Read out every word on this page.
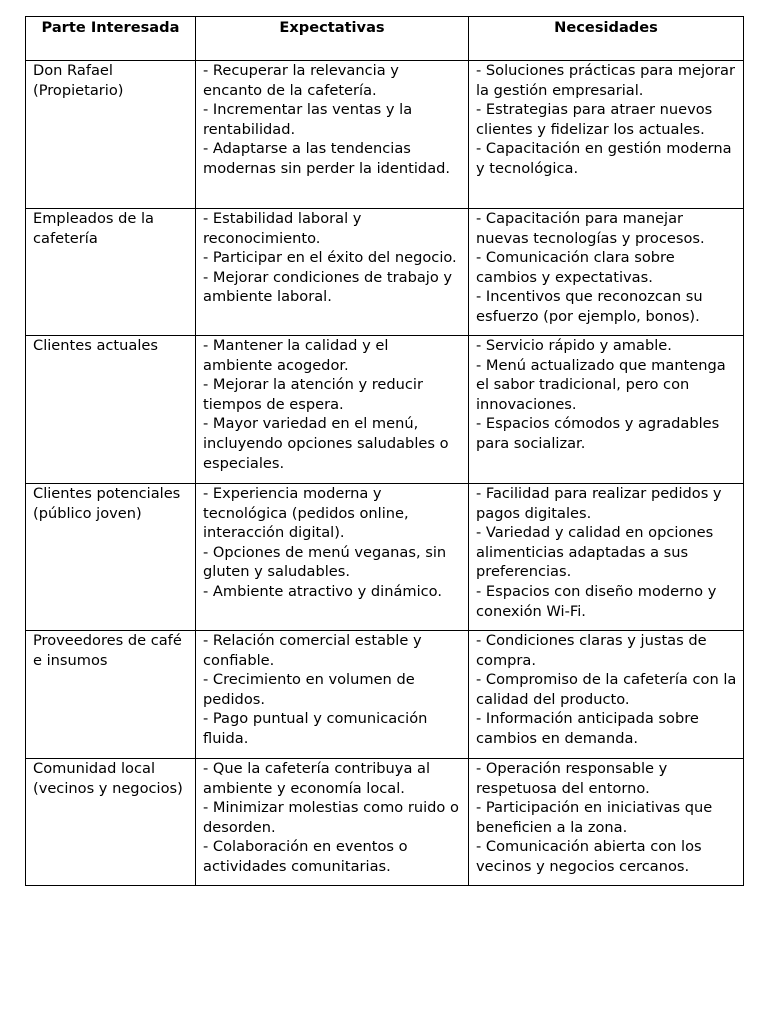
Parte Interesada	Expectativas	Necesidades
Don Rafael (Propietario)	- Recuperar la relevancia y encanto de la cafetería.
- Incrementar las ventas y la rentabilidad.
- Adaptarse a las tendencias modernas sin perder la identidad.	- Soluciones prácticas para mejorar la gestión empresarial.
- Estrategias para atraer nuevos clientes y fidelizar los actuales.
- Capacitación en gestión moderna y tecnológica.

Empleados de la cafetería	- Estabilidad laboral y reconocimiento.
- Participar en el éxito del negocio.
- Mejorar condiciones de trabajo y ambiente laboral.	- Capacitación para manejar nuevas tecnologías y procesos.
- Comunicación clara sobre cambios y expectativas.
- Incentivos que reconozcan su esfuerzo (por ejemplo, bonos).

Clientes actuales	- Mantener la calidad y el ambiente acogedor.
- Mejorar la atención y reducir tiempos de espera.
- Mayor variedad en el menú, incluyendo opciones saludables o especiales.	- Servicio rápido y amable.
- Menú actualizado que mantenga el sabor tradicional, pero con innovaciones.
- Espacios cómodos y agradables para socializar.

Clientes potenciales (público joven)	- Experiencia moderna y tecnológica (pedidos online, interacción digital).
- Opciones de menú veganas, sin gluten y saludables.
- Ambiente atractivo y dinámico.	- Facilidad para realizar pedidos y pagos digitales.
- Variedad y calidad en opciones alimenticias adaptadas a sus preferencias.
- Espacios con diseño moderno y conexión Wi-Fi.

Proveedores de café e insumos	- Relación comercial estable y confiable.
- Crecimiento en volumen de pedidos.
- Pago puntual y comunicación fluida.	- Condiciones claras y justas de compra.
- Compromiso de la cafetería con la calidad del producto.
- Información anticipada sobre cambios en demanda.

Comunidad local (vecinos y negocios)	- Que la cafetería contribuya al ambiente y economía local.
- Minimizar molestias como ruido o desorden.
- Colaboración en eventos o actividades comunitarias.	- Operación responsable y respetuosa del entorno.
- Participación en iniciativas que beneficien a la zona.
- Comunicación abierta con los vecinos y negocios cercanos.
